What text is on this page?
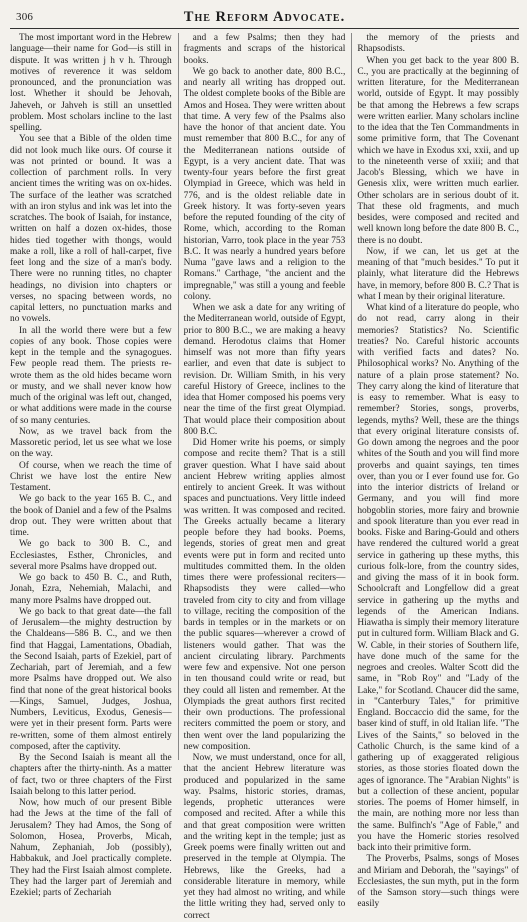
306	The Reform Advocate.

The most important word in the Hebrew language—their name for God—is still in dispute. It was written j h v h. Through motives of reverence it was seldom pronounced, and the pronunciation was lost. Whether it should be Jehovah, Jaheveh, or Jahveh is still an unsettled problem. Most scholars incline to the last spelling.

You see that a Bible of the olden time did not look much like ours. Of course it was not printed or bound. It was a collection of parchment rolls. In very ancient times the writing was on ox-hides. The surface of the leather was scratched with an iron stylus and ink was let into the scratches. The book of Isaiah, for instance, written on half a dozen ox-hides, those hides tied together with thongs, would make a roll, like a roll of hall-carpet, five feet long and the size of a man's body. There were no running titles, no chapter headings, no division into chapters or verses, no spacing between words, no capital letters, no punctuation marks and no vowels.

In all the world there were but a few copies of any book. Those copies were kept in the temple and the synagogues. Few people read them. The priests re-wrote them as the old hides became worn or musty, and we shall never know how much of the original was left out, changed, or what additions were made in the course of so many centuries.

Now, as we travel back from the Massoretic period, let us see what we lose on the way.

Of course, when we reach the time of Christ we have lost the entire New Testament.

We go back to the year 165 B. C., and the book of Daniel and a few of the Psalms drop out. They were written about that time.

We go back to 300 B. C., and Ecclesiastes, Esther, Chronicles, and several more Psalms have dropped out.

We go back to 450 B. C., and Ruth, Jonah, Ezra, Nehemiah, Malachi, and many more Psalms have dropped out.

We go back to that great date—the fall of Jerusalem—the mighty destruction by the Chaldeans—586 B. C., and we then find that Haggai, Lamentations, Obadiah, the Second Isaiah, parts of Ezekiel, part of Zechariah, part of Jeremiah, and a few more Psalms have dropped out. We also find that none of the great historical books—Kings, Samuel, Judges, Joshua, Numbers, Leviticus, Exodus, Genesis—were yet in their present form. Parts were re-written, some of them almost entirely composed, after the captivity.

By the Second Isaiah is meant all the chapters after the thirty-ninth. As a matter of fact, two or three chapters of the First Isaiah belong to this latter period.

Now, how much of our present Bible had the Jews at the time of the fall of Jerusalem? They had Amos, the Song of Solomon, Hosea, Proverbs, Micah, Nahum, Zephaniah, Job (possibly), Habbakuk, and Joel practically complete. They had the First Isaiah almost complete. They had the larger part of Jeremiah and Ezekiel; parts of Zechariah

and a few Psalms; then they had fragments and scraps of the historical books.

We go back to another date, 800 B.C., and nearly all writing has dropped out. The oldest complete books of the Bible are Amos and Hosea. They were written about that time. A very few of the Psalms also have the honor of that ancient date. You must remember that 800 B.C., for any of the Mediterranean nations outside of Egypt, is a very ancient date. That was twenty-four years before the first great Olympiad in Greece, which was held in 776, and is the oldest reliable date in Greek history. It was forty-seven years before the reputed founding of the city of Rome, which, according to the Roman historian, Varro, took place in the year 753 B.C. It was nearly a hundred years before Numa "gave laws and a religion to the Romans." Carthage, "the ancient and the impregnable," was still a young and feeble colony.

When we ask a date for any writing of the Mediterranean world, outside of Egypt, prior to 800 B.C., we are making a heavy demand. Herodotus claims that Homer himself was not more than fifty years earlier, and even that date is subject to revision. Dr. William Smith, in his very careful History of Greece, inclines to the idea that Homer composed his poems very near the time of the first great Olympiad. That would place their composition about 800 B.C.

Did Homer write his poems, or simply compose and recite them? That is a still graver question. What I have said about ancient Hebrew writing applies almost entirely to ancient Greek. It was without spaces and punctuations. Very little indeed was written. It was composed and recited. The Greeks actually became a literary people before they had books. Poems, legends, stories of great men and great events were put in form and recited unto multitudes committed them. In the olden times there were professional reciters—Rhapsodists they were called—who traveled from city to city and from village to village, reciting the composition of the bards in temples or in the markets or on the public squares—wherever a crowd of listeners would gather. That was the ancient circulating library. Parchments were few and expensive. Not one person in ten thousand could write or read, but they could all listen and remember. At the Olympiads the great authors first recited their own productions. The professional reciters committed the poem or story, and then went over the land popularizing the new composition.

Now, we must understand, once for all, that the ancient Hebrew literature was produced and popularized in the same way. Psalms, historic stories, dramas, legends, prophetic utterances were composed and recited. After a while this and that great composition were written and the writing kept in the temple; just as Greek poems were finally written out and preserved in the temple at Olympia. The Hebrews, like the Greeks, had a considerable literature in memory, while yet they had almost no writing, and while the little writing they had, served only to correct

the memory of the priests and Rhapsodists.

When you get back to the year 800 B. C., you are practically at the beginning of written literature, for the Mediterranean world, outside of Egypt. It may possibly be that among the Hebrews a few scraps were written earlier. Many scholars incline to the idea that the Ten Commandments in some primitive form, that The Covenant which we have in Exodus xxi, xxii, and up to the nineteenth verse of xxiii; and that Jacob's Blessing, which we have in Genesis xlix, were written much earlier. Other scholars are in serious doubt of it. That these old fragments, and much besides, were composed and recited and well known long before the date 800 B. C., there is no doubt.

Now, if we can, let us get at the meaning of that "much besides." To put it plainly, what literature did the Hebrews have, in memory, before 800 B. C.? That is what I mean by their original literature.

What kind of a literature do people, who do not read, carry along in their memories? Statistics? No. Scientific treaties? No. Careful historic accounts with verified facts and dates? No. Philosophical works? No. Anything of the nature of a plain prose statement? No. They carry along the kind of literature that is easy to remember. What is easy to remember? Stories, songs, proverbs, legends, myths? Well, these are the things that every original literature consists of. Go down among the negroes and the poor whites of the South and you will find more proverbs and quaint sayings, ten times over, than you or I ever found use for. Go into the interior districts of Ireland or Germany, and you will find more hobgoblin stories, more fairy and brownie and spook literature than you ever read in books. Fiske and Baring-Gould and others have rendered the cultured world a great service in gathering up these myths, this curious folk-lore, from the country sides, and giving the mass of it in book form. Schoolcraft and Longfellow did a great service in gathering up the myths and legends of the American Indians. Hiawatha is simply their memory literature put in cultured form. William Black and G. W. Cable, in their stories of Southern life, have done much of the same for the negroes and creoles. Walter Scott did the same, in "Rob Roy" and "Lady of the Lake," for Scotland. Chaucer did the same, in "Canterbury Tales," for primitive England. Boccaccio did the same, for the baser kind of stuff, in old Italian life. "The Lives of the Saints," so beloved in the Catholic Church, is the same kind of a gathering up of exaggerated religious stories, as those stories floated down the ages of ignorance. The "Arabian Nights" is but a collection of these ancient, popular stories. The poems of Homer himself, in the main, are nothing more nor less than the same. Bulfinch's "Age of Fable," and you have the Homeric stories resolved back into their primitive form.

The Proverbs, Psalms, songs of Moses and Miriam and Deborah, the "sayings" of Ecclesiastes, the sun myth, put in the form of the Samson story—such things were easily
